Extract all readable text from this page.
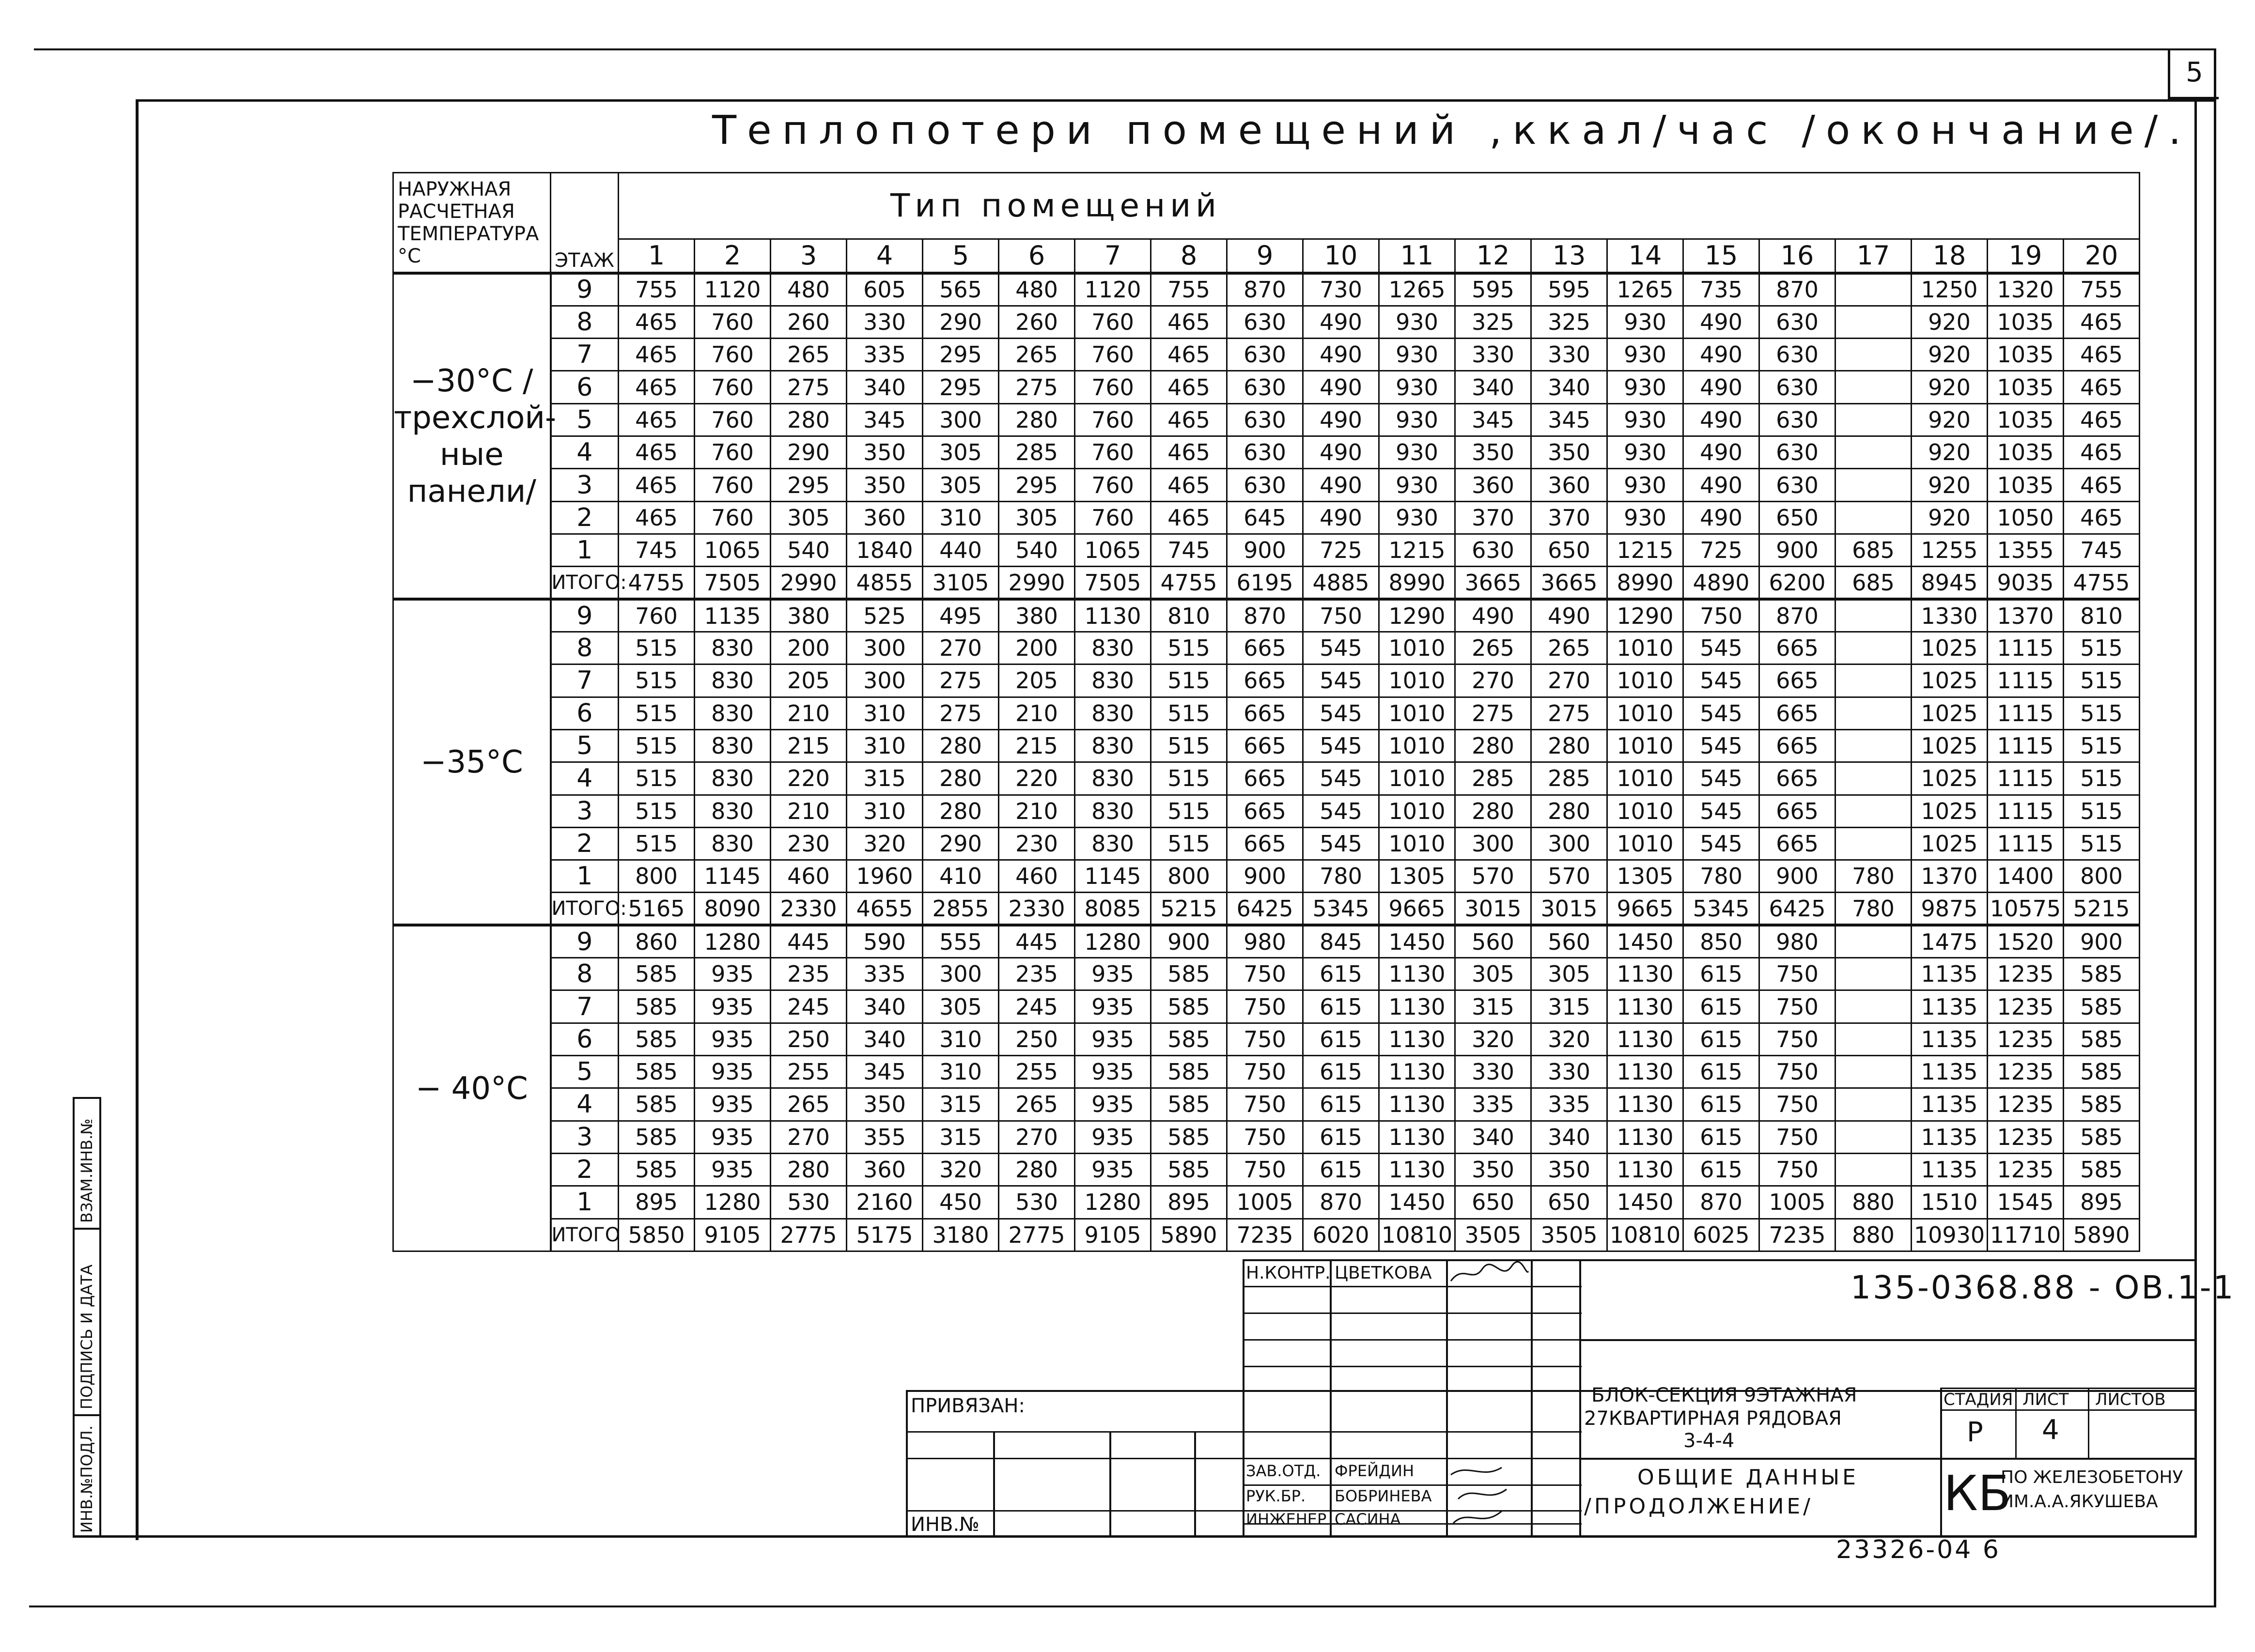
5
Теплопотери помещений ,ккал/час /окончание/.
НАРУЖНАЯ РАСЧЕТНАЯ ТЕМПЕРАТУРА °С	ЭТАЖ	Тип помещений																			
		1	2	3	4	5	6	7	8	9	10	11	12	13	14	15	16	17	18	19	20
−30°С /трехслой-ные панели/	9	755	1120	480	605	565	480	1120	755	870	730	1265	595	595	1265	735	870		1250	1320	755
	8	465	760	260	330	290	260	760	465	630	490	930	325	325	930	490	630		920	1035	465
	7	465	760	265	335	295	265	760	465	630	490	930	330	330	930	490	630		920	1035	465
	6	465	760	275	340	295	275	760	465	630	490	930	340	340	930	490	630		920	1035	465
	5	465	760	280	345	300	280	760	465	630	490	930	345	345	930	490	630		920	1035	465
	4	465	760	290	350	305	285	760	465	630	490	930	350	350	930	490	630		920	1035	465
	3	465	760	295	350	305	295	760	465	630	490	930	360	360	930	490	630		920	1035	465
	2	465	760	305	360	310	305	760	465	645	490	930	370	370	930	490	650		920	1050	465
	1	745	1065	540	1840	440	540	1065	745	900	725	1215	630	650	1215	725	900	685	1255	1355	745
	ИТОГО:	4755	7505	2990	4855	3105	2990	7505	4755	6195	4885	8990	3665	3665	8990	4890	6200	685	8945	9035	4755
−35°С	9	760	1135	380	525	495	380	1130	810	870	750	1290	490	490	1290	750	870		1330	1370	810
	8	515	830	200	300	270	200	830	515	665	545	1010	265	265	1010	545	665		1025	1115	515
	7	515	830	205	300	275	205	830	515	665	545	1010	270	270	1010	545	665		1025	1115	515
	6	515	830	210	310	275	210	830	515	665	545	1010	275	275	1010	545	665		1025	1115	515
	5	515	830	215	310	280	215	830	515	665	545	1010	280	280	1010	545	665		1025	1115	515
	4	515	830	220	315	280	220	830	515	665	545	1010	285	285	1010	545	665		1025	1115	515
	3	515	830	210	310	280	210	830	515	665	545	1010	280	280	1010	545	665		1025	1115	515
	2	515	830	230	320	290	230	830	515	665	545	1010	300	300	1010	545	665		1025	1115	515
	1	800	1145	460	1960	410	460	1145	800	900	780	1305	570	570	1305	780	900	780	1370	1400	800
	ИТОГО:	5165	8090	2330	4655	2855	2330	8085	5215	6425	5345	9665	3015	3015	9665	5345	6425	780	9875	10575	5215
− 40°С	9	860	1280	445	590	555	445	1280	900	980	845	1450	560	560	1450	850	980		1475	1520	900
	8	585	935	235	335	300	235	935	585	750	615	1130	305	305	1130	615	750		1135	1235	585
	7	585	935	245	340	305	245	935	585	750	615	1130	315	315	1130	615	750		1135	1235	585
	6	585	935	250	340	310	250	935	585	750	615	1130	320	320	1130	615	750		1135	1235	585
	5	585	935	255	345	310	255	935	585	750	615	1130	330	330	1130	615	750		1135	1235	585
	4	585	935	265	350	315	265	935	585	750	615	1130	335	335	1130	615	750		1135	1235	585
	3	585	935	270	355	315	270	935	585	750	615	1130	340	340	1130	615	750		1135	1235	585
	2	585	935	280	360	320	280	935	585	750	615	1130	350	350	1130	615	750		1135	1235	585
	1	895	1280	530	2160	450	530	1280	895	1005	870	1450	650	650	1450	870	1005	880	1510	1545	895
	ИТОГО	5850	9105	2775	5175	3180	2775	9105	5890	7235	6020	10810	3505	3505	10810	6025	7235	880	10930	11710	5890
Н.КОНТР. ЦВЕТКОВА	135-0368.88 - ОВ.1-1
ПРИВЯЗАН:
ИНВ.№
БЛОК-СЕКЦИЯ 9ЭТАЖНАЯ
27КВАРТИРНАЯ РЯДОВАЯ
3-4-4
ОБЩИЕ ДАННЫЕ
/ПРОДОЛЖЕНИЕ/
СТАДИЯ ЛИСТ ЛИСТОВ
Р 4
КБ
ПО ЖЕЛЕЗОБЕТОНУ
ИМ.А.А.ЯКУШЕВА
ЗАВ.ОТД. ФРЕЙДИН
РУК.БР. БОБРИНЕВА
ИНЖЕНЕР САСИНА
23326-04 6
ИНВ.№ПОДЛ.
ПОДПИСЬ И ДАТА
ВЗАМ.ИНВ.№
